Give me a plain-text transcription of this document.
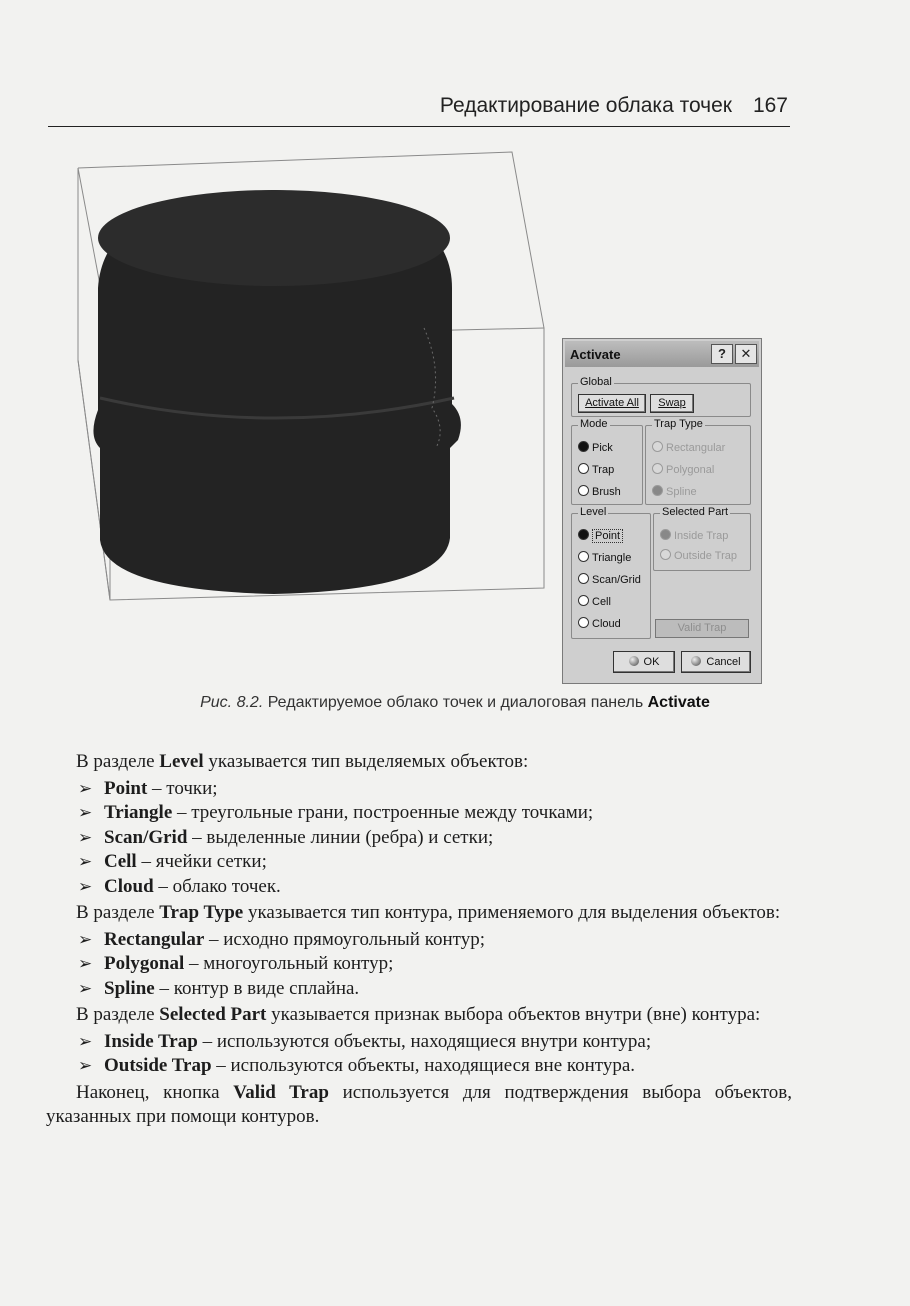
Редактирование облака точек 167
Activate	?	✕
Global
Activate All	Swap
Mode
Pick
Trap
Brush
Trap Type
Rectangular
Polygonal
Spline
Level
Point
Triangle
Scan/Grid
Cell
Cloud
Selected Part
Inside Trap
Outside Trap
Valid Trap
OK	Cancel
Рис. 8.2. Редактируемое облако точек и диалоговая панель Activate

В разделе Level указывается тип выделяемых объектов:

➢ Point – точки;
➢ Triangle – треугольные грани, построенные между точками;
➢ Scan/Grid – выделенные линии (ребра) и сетки;
➢ Cell – ячейки сетки;
➢ Cloud – облако точек.

В разделе Trap Type указывается тип контура, применяемого для выделения объектов:

➢ Rectangular – исходно прямоугольный контур;
➢ Polygonal – многоугольный контур;
➢ Spline – контур в виде сплайна.

В разделе Selected Part указывается признак выбора объектов внутри (вне) контура:

➢ Inside Trap – используются объекты, находящиеся внутри контура;
➢ Outside Trap – используются объекты, находящиеся вне контура.

Наконец, кнопка Valid Trap используется для подтверждения выбора объектов, указанных при помощи контуров.
